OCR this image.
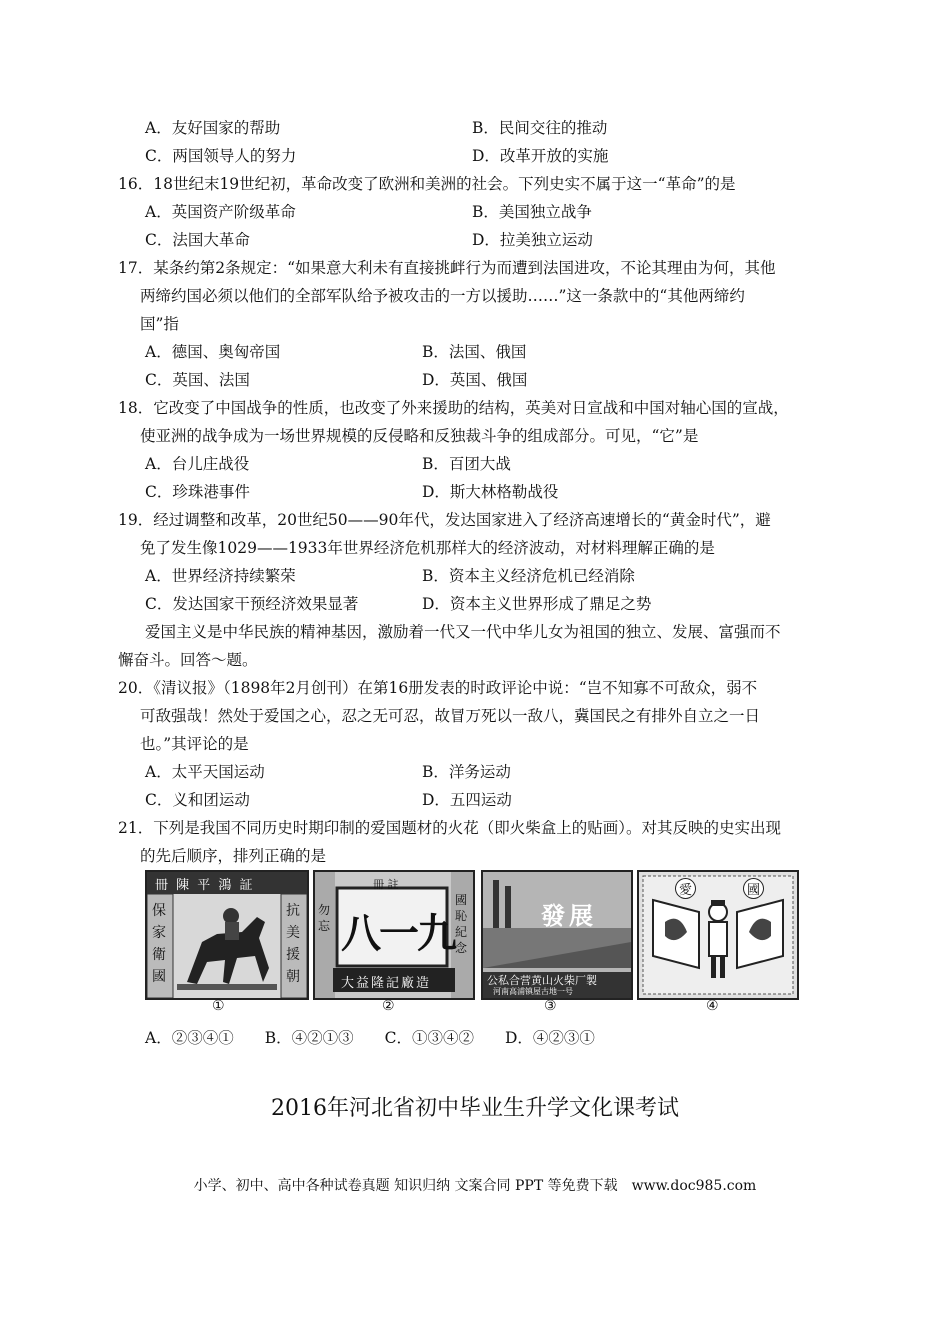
A．友好国家的帮助	B．民间交往的推动
C．两国领导人的努力	D．改革开放的实施
16．18世纪末19世纪初，革命改变了欧洲和美洲的社会。下列史实不属于这一“革命”的是
A．英国资产阶级革命	B．美国独立战争
C．法国大革命	D．拉美独立运动
17．某条约第2条规定：“如果意大利未有直接挑衅行为而遭到法国进攻，不论其理由为何，其他
两缔约国必须以他们的全部军队给予被攻击的一方以援助……”这一条款中的“其他两缔约
国”指
A．德国、奥匈帝国	B．法国、俄国
C．英国、法国	D．英国、俄国
18．它改变了中国战争的性质，也改变了外来援助的结构，英美对日宣战和中国对轴心国的宣战，
使亚洲的战争成为一场世界规模的反侵略和反独裁斗争的组成部分。可见，“它”是
A．台儿庄战役	B．百团大战
C．珍珠港事件	D．斯大林格勒战役
19．经过调整和改革，20世纪50——90年代，发达国家进入了经济高速增长的“黄金时代”，避
免了发生像1029——1933年世界经济危机那样大的经济波动，对材料理解正确的是
A．世界经济持续繁荣	B．资本主义经济危机已经消除
C．发达国家干预经济效果显著	D．资本主义世界形成了鼎足之势
爱国主义是中华民族的精神基因，激励着一代又一代中华儿女为祖国的独立、发展、富强而不
懈奋斗。回答～题。
20．《清议报》（1898年2月创刊）在第16册发表的时政评论中说：“岂不知寡不可敌众，弱不
可敌强哉！然处于爱国之心，忍之无可忍，故冒万死以一敌八，冀国民之有排外自立之一日
也。”其评论的是
A．太平天国运动	B．洋务运动
C．义和团运动	D．五四运动
21．下列是我国不同历史时期印制的爱国题材的火花（即火柴盒上的贴画）。对其反映的史实出现
的先后顺序，排列正确的是
冊 陳 平 鴻 証
保家衛國
抗美援朝
冊 註
八一九
勿忘
國恥紀念
大益隆記廠造
發展
公私合营黄山火柴厂製
河南高浦镇屋古地一号
愛	國
①	②	③	④
A．②③④①　　B．④②①③　　C．①③④②　　D．④②③①
2016年河北省初中毕业生升学文化课考试
小学、初中、高中各种试卷真题 知识归纳 文案合同 PPT 等免费下载　www.doc985.com
